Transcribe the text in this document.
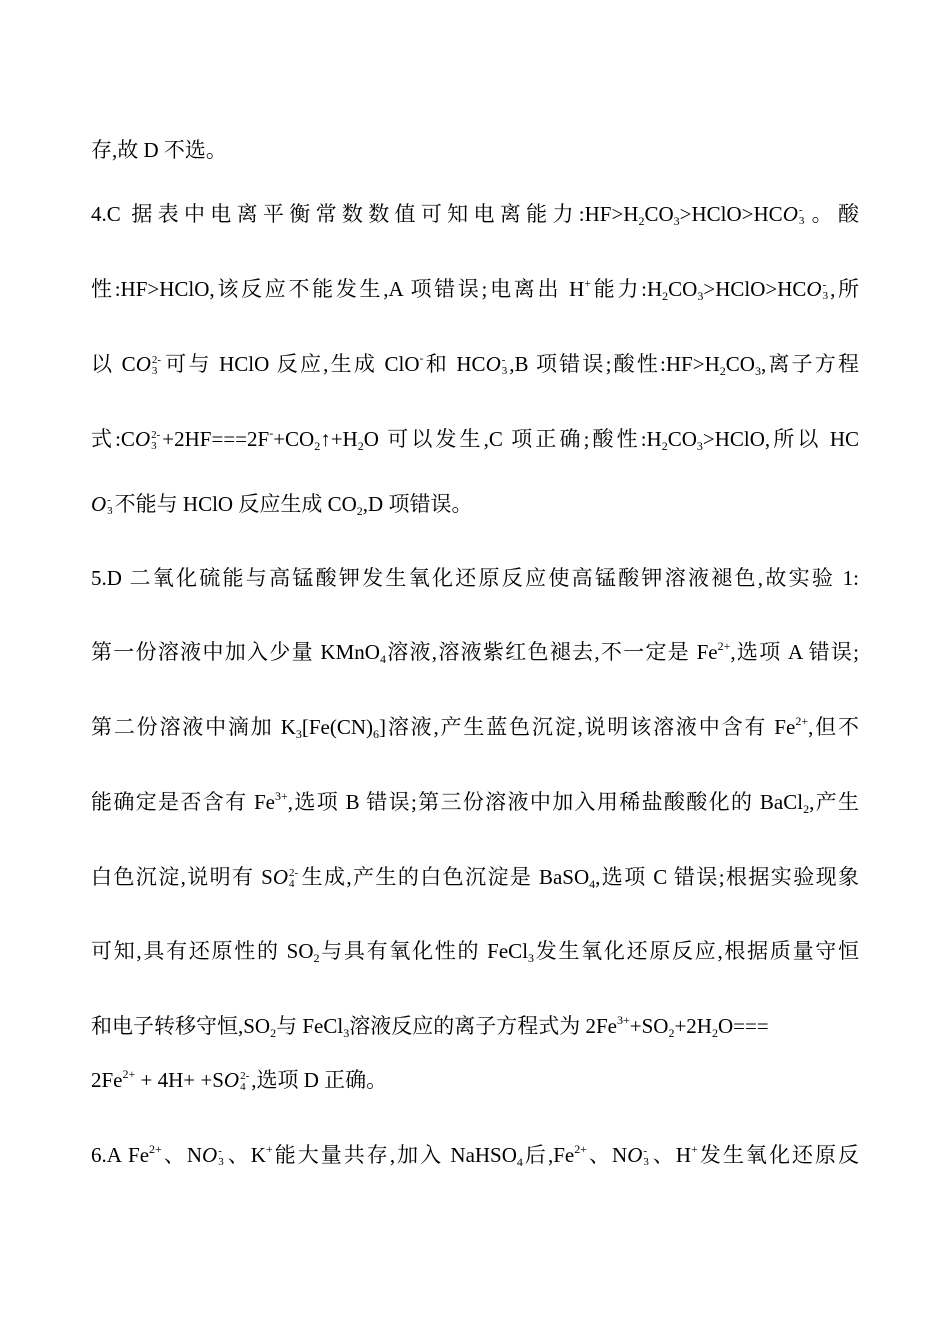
存,故 D 不选。
4.C 据表中电离平衡常数数值可知电离能力$:HF>H_2CO_3>HClO>HCO$ -
3 。酸
性:HF>HClO,该反应不能发生,A 项错误;电离出 H+能力$:H_2CO_3>HClO>HCO$ -
3 ,所
以 CO 2-
3 可与 HClO 反应,生成 ClO-和 HCO -
3 ,B 项错误;酸性$:HF>H_2CO_3$,离子方程
式:CO 2-
$3 +2HF===2F^-+CO_2↑+H_2O$ 可以发生,C 项正确;酸性$:H_2CO_3>HClO$,所以 HC
O -
3 不能与 HClO 反应生成 $CO_2,D$ 项错误。
5.D 二氧化硫能与高锰酸钾发生氧化还原反应使高锰酸钾溶液褪色,故实验 1:
第一份溶液中加入少量 KMnO$_4$溶液,溶液紫红色褪去,不一定是 $Fe^{2+}$,选项 A 错误;
第二份溶液中滴加 $K_3[Fe(CN)_6]$溶液,产生蓝色沉淀,说明该溶液中含有 $Fe^{2+}$,但不
能确定是否含有 $Fe^{3+}$,选项 B 错误;第三份溶液中加入用稀盐酸酸化的 BaCl$_2$,产生
白色沉淀,说明有 SO 2-
4 生成,产生的白色沉淀是 BaSO$_4$,选项 C 错误;根据实验现象
可知,具有还原性的 $SO_2$与具有氧化性的 FeCl$_3$发生氧化还原反应,根据质量守恒
和电子转移守恒$,SO_2$与 FeCl$_3$溶液反应的离子方程式为 $2Fe^{3+}+SO_2+2H_2O===$
$2Fe^{2+} + 4H+ +SO$ 2-
4 ,选项 D 正确。
6.A $Fe^{2+}$、NO -
3 、K+能大量共存,加入 NaHSO$_4$后$,Fe^{2+}$、NO -
3 、H+发生氧化还原反
